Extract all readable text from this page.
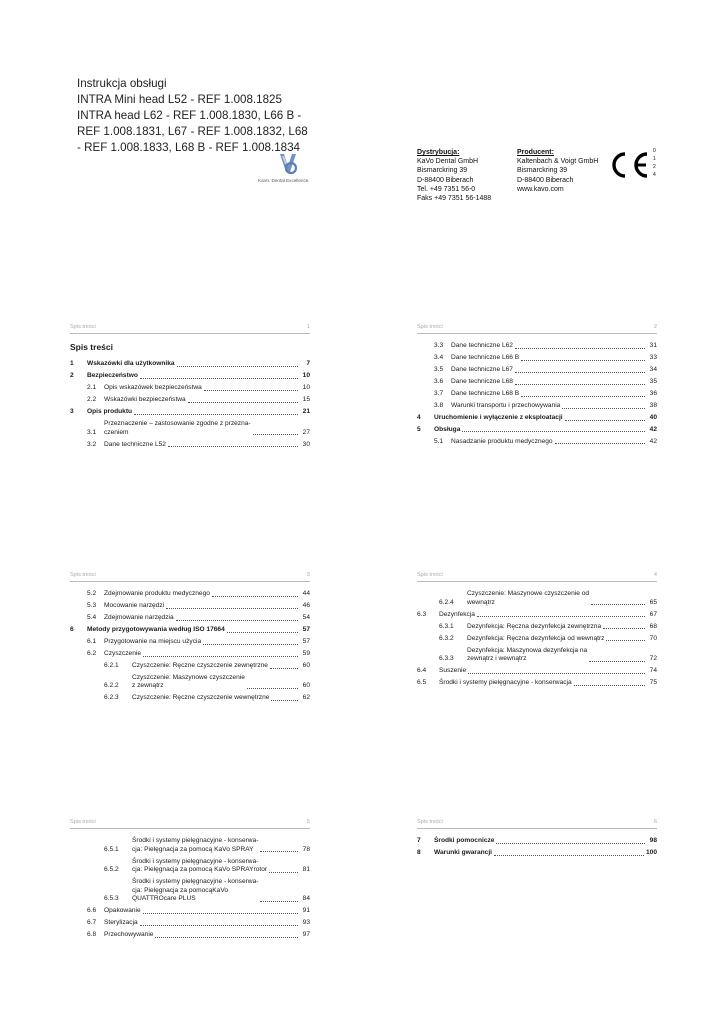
Instrukcja obsługi
INTRA Mini head L52 - REF 1.008.1825
INTRA head L62 - REF 1.008.1830, L66 B -
REF 1.008.1831, L67 - REF 1.008.1832, L68
- REF 1.008.1833, L68 B - REF 1.008.1834
KaVo. Dental Excellence.
Dystrybucja:
KaVo Dental GmbH
Bismarckring 39
D-88400 Biberach
Tel. +49 7351 56-0
Faks +49 7351 56-1488
Producent:
Kaltenbach & Voigt GmbH
Bismarckring 39
D-88400 Biberach
www.kavo.com
0
1
2
4
Spis treści	1
Spis treści
1	Wskazówki dla użytkownika	7
2	Bezpieczeństwo	10
2.1	Opis wskazówek bezpieczeństwa	10
2.2	Wskazówki bezpieczeństwa	15
3	Opis produktu	21
3.1
Przeznaczenie – zastosowanie zgodne z przezna-
czeniem	27
3.2	Dane techniczne L52	30
Spis treści	2
3.3	Dane techniczne L62	31
3.4	Dane techniczne L66 B	33
3.5	Dane techniczne L67	34
3.6	Dane techniczne L68	35
3.7	Dane techniczne L68 B	36
3.8	Warunki transportu i przechowywania	38
4	Uruchomienie i wyłączenie z eksploatacji	40
5	Obsługa	42
5.1	Nasadzanie produktu medycznego	42
Spis treści	3
5.2	Zdejmowanie produktu medycznego	44
5.3	Mocowanie narzędzi	46
5.4	Zdejmowanie narzędzia	54
6	Metody przygotowywania według ISO 17664	57
6.1	Przygotowanie na miejscu użycia	57
6.2	Czyszczenie	59
6.2.1	Czyszczenie: Ręczne czyszczenie zewnętrzne	60
6.2.2
Czyszczenie: Maszynowe czyszczenie
z zewnątrz	60
6.2.3	Czyszczenie: Ręczne czyszczenie wewnętrzne	62
Spis treści	4
6.2.4
Czyszczenie: Maszynowe czyszczenie od
wewnątrz	65
6.3	Dezynfekcja	67
6.3.1	Dezynfekcja: Ręczna dezynfekcja zewnętrzna	68
6.3.2	Dezynfekcja: Ręczna dezynfekcja od wewnątrz	70
6.3.3
Dezynfekcja: Maszynowa dezynfekcja na
zewnątrz i wewnątrz	72
6.4	Suszenie	74
6.5	Środki i systemy pielęgnacyjne - konserwacja	75
Spis treści	5
6.5.1
Środki i systemy pielęgnacyjne - konserwa-
cja: Pielęgnacja za pomocą KaVo SPRAY	78
6.5.2
Środki i systemy pielęgnacyjne - konserwa-
cja: Pielęgnacja za pomocą KaVo SPRAYrotor	81
6.5.3
Środki i systemy pielęgnacyjne - konserwa-
cja: Pielęgnacja za pomocąKaVo
QUATTROcare PLUS	84
6.6	Opakowanie	91
6.7	Sterylizacja	93
6.8	Przechowywanie	97
Spis treści	6
7	Środki pomocnicze	98
8	Warunki gwarancji	100
